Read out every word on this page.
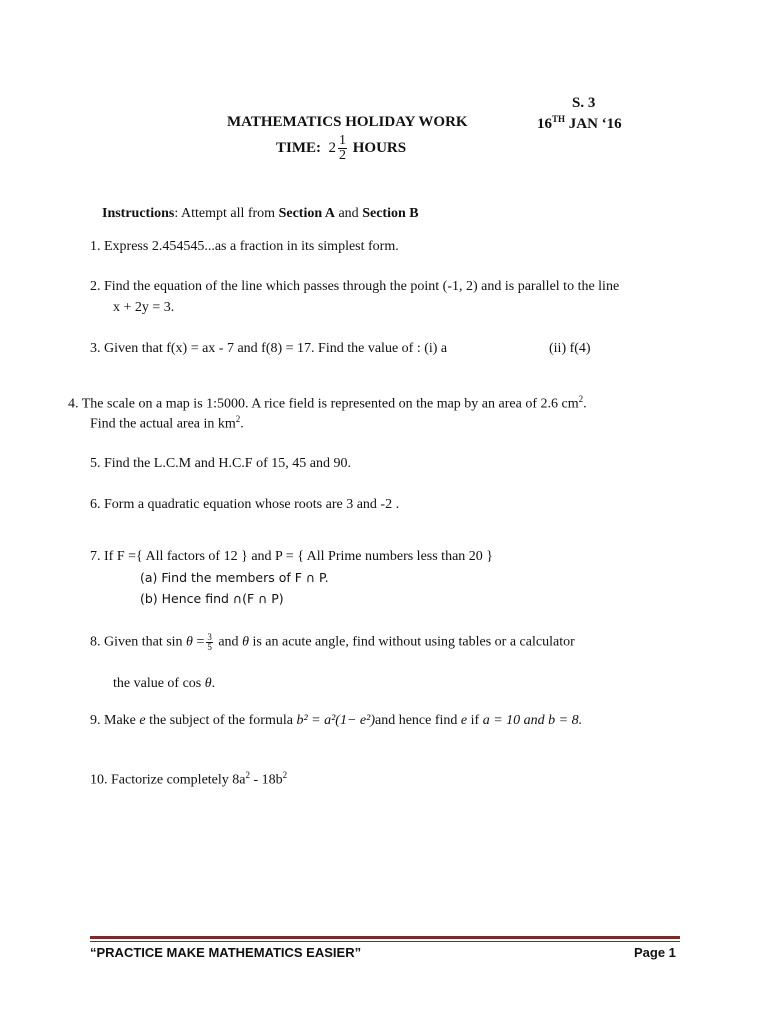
S. 3
MATHEMATICS HOLIDAY WORK	16TH JAN ‘16
TIME: $2 \frac{1}{2}$ HOURS
Instructions: Attempt all from Section A and Section B
1. Express 2.454545...as a fraction in its simplest form.
2. Find the equation of the line which passes through the point (-1, 2) and is parallel to the line
x + 2y = 3.
3. Given that f(x) = ax - 7 and f(8) = 17. Find the value of : (i) a	(ii) f(4)
4. The scale on a map is 1:5000. A rice field is represented on the map by an area of 2.6 $cm^2$.
Find the actual area in $km^2$.
5. Find the L.C.M and H.C.F of 15, 45 and 90.
6. Form a quadratic equation whose roots are 3 and -2 .
7. If F ={ All factors of 12 } and P = { All Prime numbers less than 20 }
(a) Find the members of F ∩ P.
(b) Hence find ∩(F ∩ P)
8. Given that $\sin \theta = \frac{3}{5}$ and θ is an acute angle, find without using tables or a calculator
the value of cos θ.
9. Make e the subject of the formula b² = a²(1− e²)and hence find e if a = 10 and b = 8.
10. Factorize completely $8a^2 - 18b^2$
“PRACTICE MAKE MATHEMATICS EASIER”	Page 1
